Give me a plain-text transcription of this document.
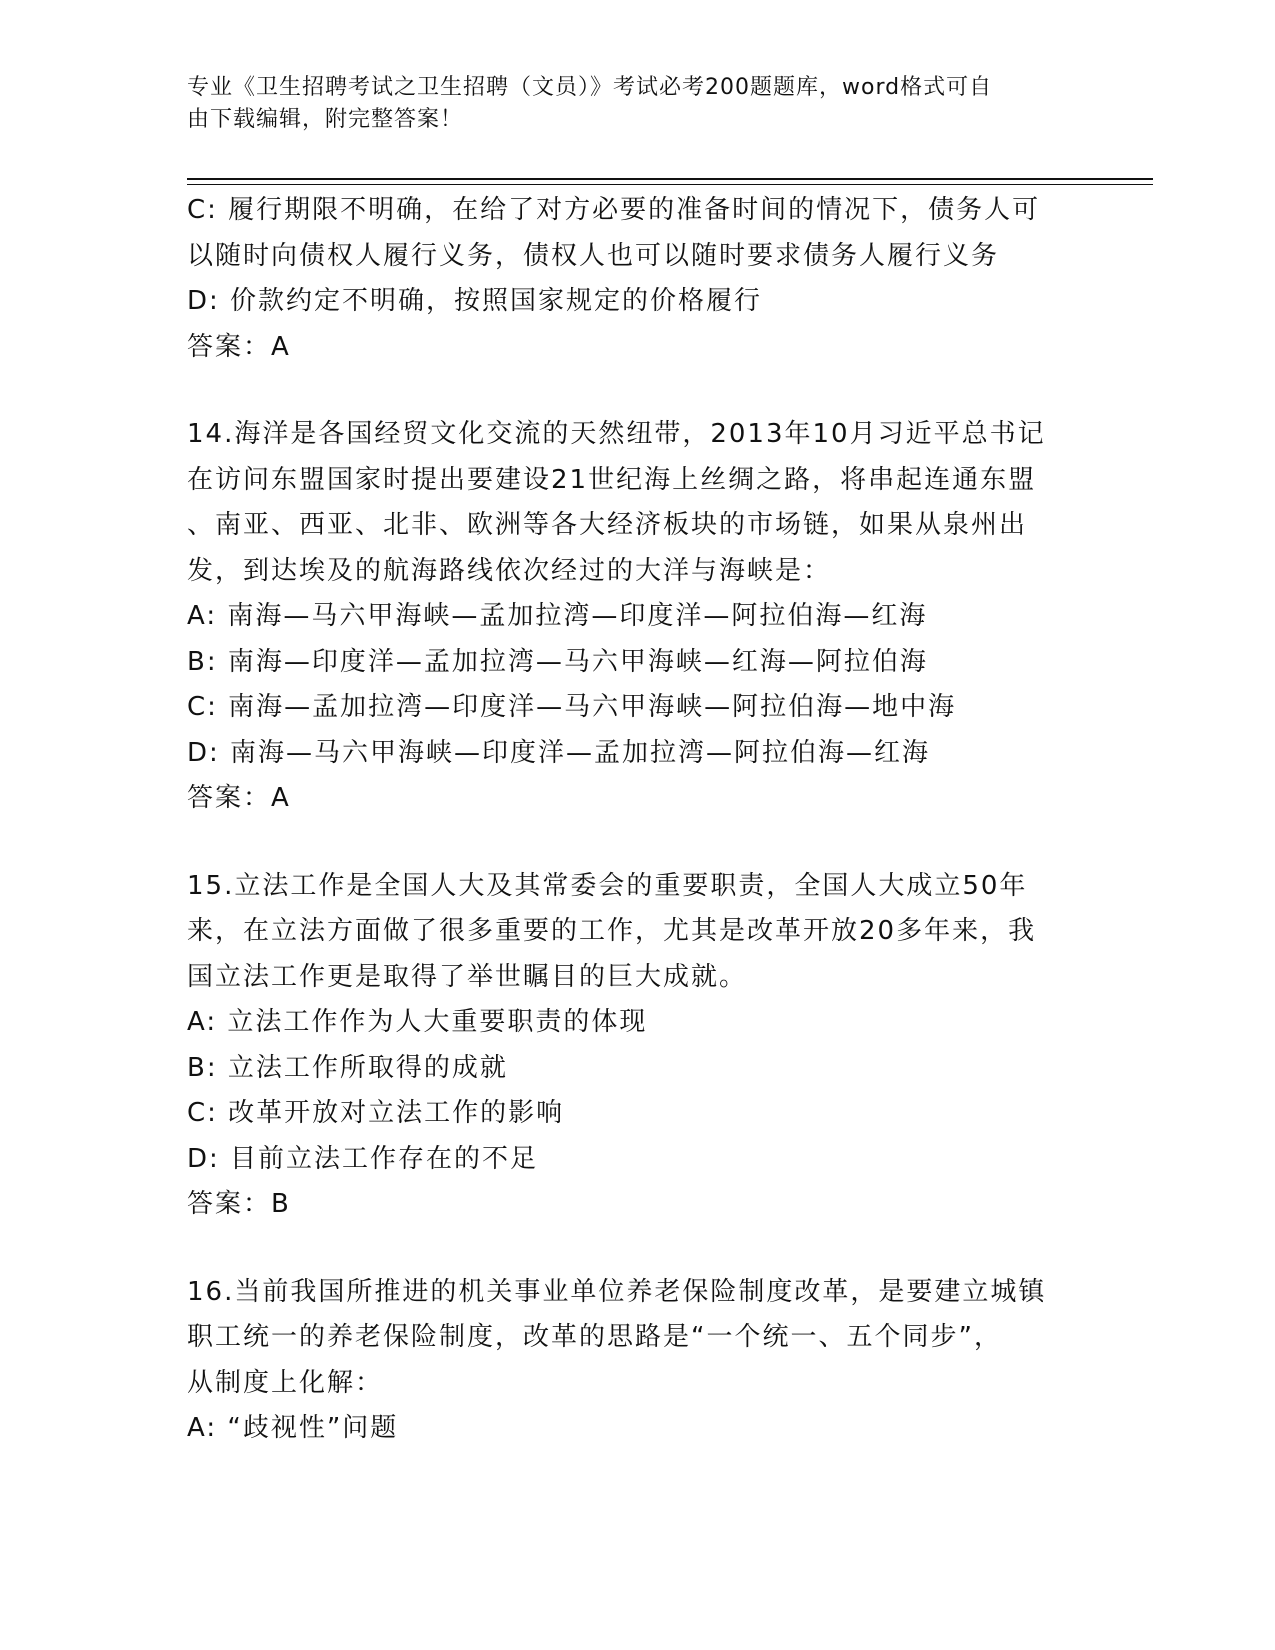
专业《卫生招聘考试之卫生招聘（文员）》考试必考200题题库，word格式可自
由下载编辑，附完整答案！
C: 履行期限不明确，在给了对方必要的准备时间的情况下，债务人可
以随时向债权人履行义务，债权人也可以随时要求债务人履行义务
D: 价款约定不明确，按照国家规定的价格履行
答案：A
14.海洋是各国经贸文化交流的天然纽带，2013年10月习近平总书记
在访问东盟国家时提出要建设21世纪海上丝绸之路，将串起连通东盟
、南亚、西亚、北非、欧洲等各大经济板块的市场链，如果从泉州出
发，到达埃及的航海路线依次经过的大洋与海峡是：
A: 南海—马六甲海峡—孟加拉湾—印度洋—阿拉伯海—红海
B: 南海—印度洋—孟加拉湾—马六甲海峡—红海—阿拉伯海
C: 南海—孟加拉湾—印度洋—马六甲海峡—阿拉伯海—地中海
D: 南海—马六甲海峡—印度洋—孟加拉湾—阿拉伯海—红海
答案：A
15.立法工作是全国人大及其常委会的重要职责，全国人大成立50年
来，在立法方面做了很多重要的工作，尤其是改革开放20多年来，我
国立法工作更是取得了举世瞩目的巨大成就。
A: 立法工作作为人大重要职责的体现
B: 立法工作所取得的成就
C: 改革开放对立法工作的影响
D: 目前立法工作存在的不足
答案：B
16.当前我国所推进的机关事业单位养老保险制度改革，是要建立城镇
职工统一的养老保险制度，改革的思路是“一个统一、五个同步”，
从制度上化解：
A: “歧视性”问题
